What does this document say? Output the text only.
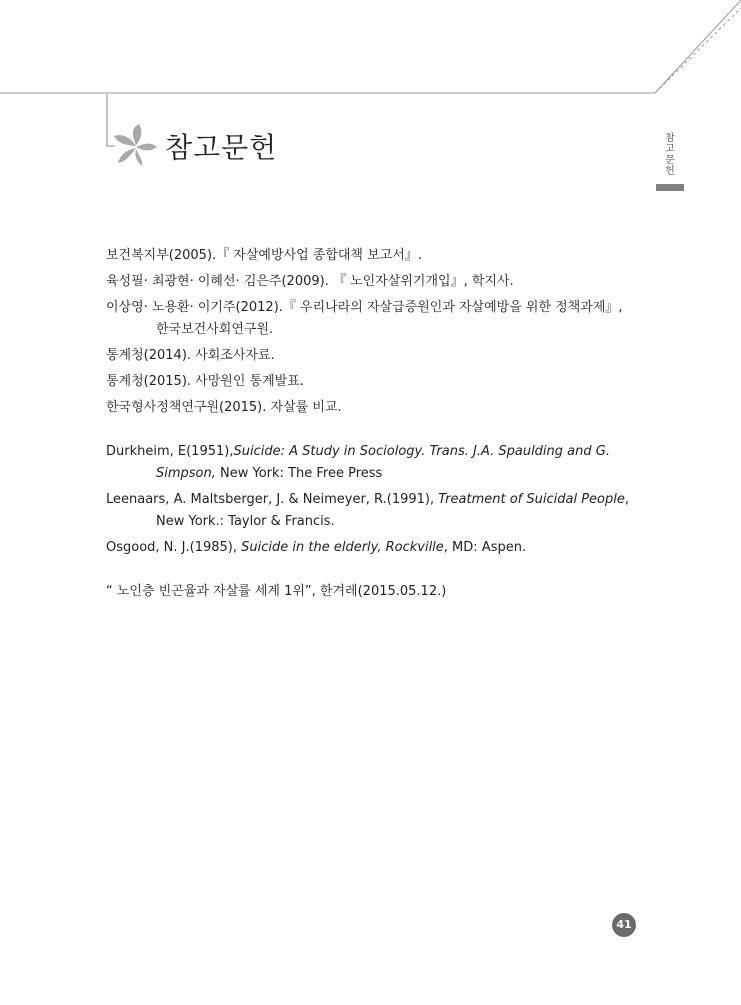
참고문헌	참
고
문
헌

보건복지부(2005).『 자살예방사업 종합대책 보고서』.

육성필· 최광현· 이혜선· 김은주(2009). 『 노인자살위기개입』, 학지사.

이상영· 노용환· 이기주(2012).『 우리나라의 자살급증원인과 자살예방을 위한 정책과제』, 한국보건사회연구원.

통계청(2014). 사회조사자료.

통계청(2015). 사망원인 통계발표.

한국형사정책연구원(2015). 자살률 비교.

Durkheim, E(1951),Suicide: A Study in Sociology. Trans. J.A. Spaulding and G. Simpson, New York: The Free Press

Leenaars, A. Maltsberger, J. & Neimeyer, R.(1991), Treatment of Suicidal People, New York.: Taylor & Francis.

Osgood, N. J.(1985), Suicide in the elderly, Rockville, MD: Aspen.

“ 노인층 빈곤율과 자살률 세계 1위”, 한겨레(2015.05.12.)

41
